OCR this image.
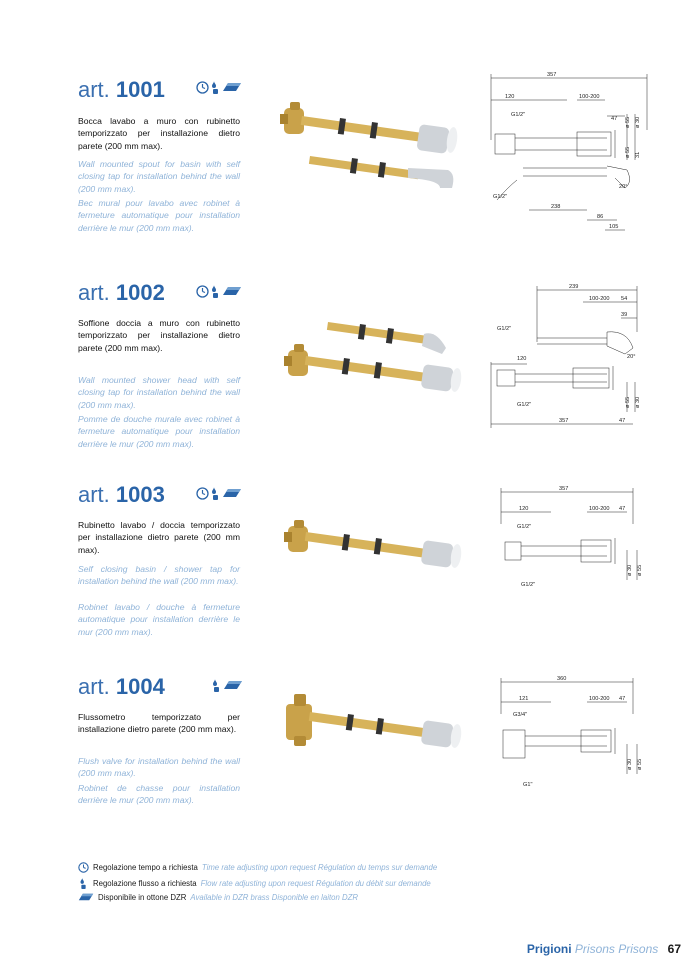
art. 1001
Bocca lavabo a muro con rubinetto temporizzato per installazione dietro parete (200 mm max).
Wall mounted spout for basin with self closing tap for installation behind the wall (200 mm max).
Bec mural pour lavabo avec robinet à fermeture automatique pour installation derrière le mur (200 mm max).
357
120	100-200
G1/2"
47 ø 55 ø 30
ø 55 31
G1/2"
238
86
105
20°
art. 1002
Soffione doccia a muro con rubinetto temporizzato per installazione dietro parete (200 mm max).
Wall mounted shower head with self closing tap for installation behind the wall (200 mm max).
Pomme de douche murale avec robinet à fermeture automatique pour installation derrière le mur (200 mm max).
239
100-200 54
39
G1/2"
20°
120
G1/2"
357	47
ø 55 ø 30
art. 1003
Rubinetto lavabo / doccia temporizzato per installazione dietro parete (200 mm max).
Self closing basin / shower tap for installation behind the wall (200 mm max).
Robinet lavabo / douche à fermeture automatique pour installation derrière le mur (200 mm max).
357
120	100-200 47
G1/2"
ø 30 ø 55
G1/2"
art. 1004
Flussometro temporizzato per installazione dietro parete (200 mm max).
Flush valve for installation behind the wall (200 mm max).
Robinet de chasse pour installation derrière le mur (200 mm max).
360
121	100-200 47
G3/4"
ø 30 ø 55
G1"
Regolazione tempo a richiesta Time rate adjusting upon request Régulation du temps sur demande
Regolazione flusso a richiesta Flow rate adjusting upon request Régulation du débit sur demande
Disponibile in ottone DZR Available in DZR brass Disponible en laiton DZR
Prigioni Prisons Prisons 67
